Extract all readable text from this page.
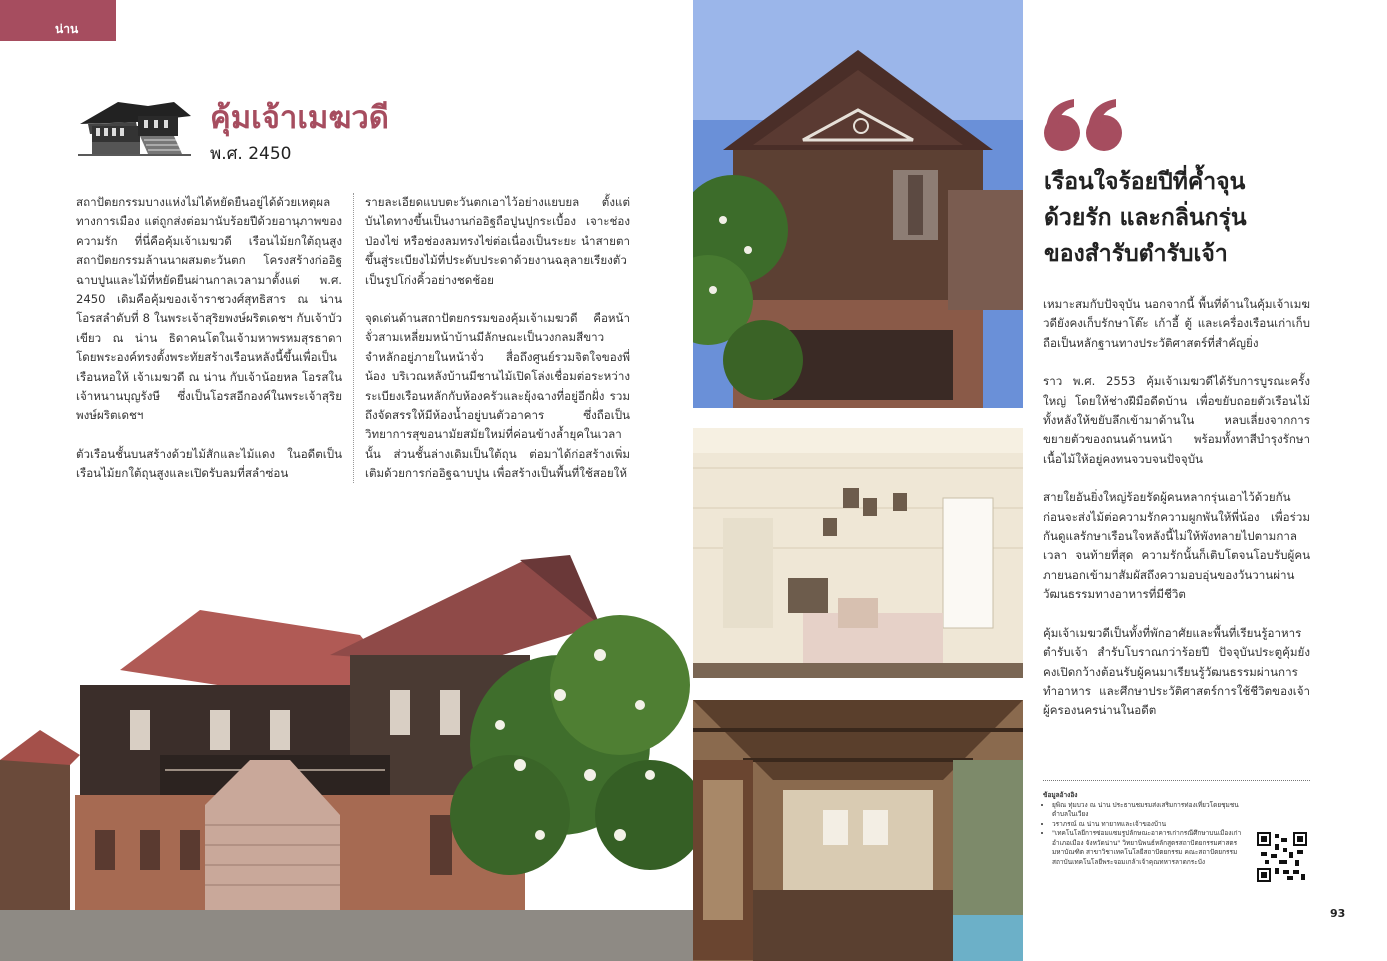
น่าน
คุ้มเจ้าเมฆวดี
พ.ศ. 2450

สถาปัตยกรรมบางแห่งไม่ได้หยัดยืนอยู่ได้ด้วยเหตุผลทางการเมือง แต่ถูกส่งต่อมานับร้อยปีด้วยอานุภาพของความรัก ที่นี่คือคุ้มเจ้าเมฆวดี เรือนไม้ยกใต้ถุนสูงสถาปัตยกรรมล้านนาผสมตะวันตก โครงสร้างก่ออิฐฉาบปูนและไม้ที่หยัดยืนผ่านกาลเวลามาตั้งแต่ พ.ศ. 2450 เดิมคือคุ้มของเจ้าราชวงศ์สุทธิสาร ณ น่าน โอรสลำดับที่ 8 ในพระเจ้าสุริยพงษ์ผริตเดชฯ กับเจ้าบัวเขียว ณ น่าน ธิดาคนโตในเจ้ามหาพรหมสุรธาดา โดยพระองค์ทรงตั้งพระทัยสร้างเรือนหลังนี้ขึ้นเพื่อเป็นเรือนหอให้ เจ้าเมฆวดี ณ น่าน กับเจ้าน้อยหล โอรสในเจ้าหนานบุญรังษี ซึ่งเป็นโอรสอีกองค์ในพระเจ้าสุริยพงษ์ผริตเดชฯ

ตัวเรือนชั้นบนสร้างด้วยไม้สักและไม้แดง ในอดีตเป็นเรือนไม้ยกใต้ถุนสูงและเปิดรับลมที่สลำซ่อน

รายละเอียดแบบตะวันตกเอาไว้อย่างแยบยล ตั้งแต่บันไดทางขึ้นเป็นงานก่ออิฐถือปูนปูกระเบื้อง เจาะช่องป่องไข่ หรือช่องลมทรงไข่ต่อเนื่องเป็นระยะ นำสายตาขึ้นสู่ระเบียงไม้ที่ประดับประดาด้วยงานฉลุลายเรียงตัวเป็นรูปโก่งคิ้วอย่างชดช้อย

จุดเด่นด้านสถาปัตยกรรมของคุ้มเจ้าเมฆวดี คือหน้าจั่วสามเหลี่ยมหน้าบ้านมีลักษณะเป็นวงกลมสีขาวจำหลักอยู่ภายในหน้าจั่ว สื่อถึงศูนย์รวมจิตใจของพี่น้อง บริเวณหลังบ้านมีชานไม้เปิดโล่งเชื่อมต่อระหว่างระเบียงเรือนหลักกับห้องครัวและยุ้งฉางที่อยู่อีกฝั่ง รวมถึงจัดสรรให้มีห้องน้ำอยู่บนตัวอาคาร ซึ่งถือเป็นวิทยาการสุขอนามัยสมัยใหม่ที่ค่อนข้างล้ำยุคในเวลานั้น ส่วนชั้นล่างเดิมเป็นใต้ถุน ต่อมาได้ก่อสร้างเพิ่มเติมด้วยการก่ออิฐฉาบปูน เพื่อสร้างเป็นพื้นที่ใช้สอยให้

เรือนใจร้อยปีที่ค้ำจุน
ด้วยรัก และกลิ่นกรุ่น
ของสำรับตำรับเจ้า

เหมาะสมกับปัจจุบัน นอกจากนี้ พื้นที่ด้านในคุ้มเจ้าเมฆวดียังคงเก็บรักษาโต๊ะ เก้าอี้ ตู้ และเครื่องเรือนเก่าเก็บ ถือเป็นหลักฐานทางประวัติศาสตร์ที่สำคัญยิ่ง

ราว พ.ศ. 2553 คุ้มเจ้าเมฆวดีได้รับการบูรณะครั้งใหญ่ โดยให้ช่างฝีมือดีดบ้าน เพื่อขยับถอยตัวเรือนไม้ทั้งหลังให้ขยับลึกเข้ามาด้านใน หลบเลี่ยงจากการขยายตัวของถนนด้านหน้า พร้อมทั้งทาสีบำรุงรักษาเนื้อไม้ให้อยู่คงทนจวบจนปัจจุบัน

สายใยอันยิ่งใหญ่ร้อยรัดผู้คนหลากรุ่นเอาไว้ด้วยกัน ก่อนจะส่งไม้ต่อความรักความผูกพันให้พี่น้อง เพื่อร่วมกันดูแลรักษาเรือนใจหลังนี้ไม่ให้พังทลายไปตามกาลเวลา จนท้ายที่สุด ความรักนั้นก็เติบโตจนโอบรับผู้คนภายนอกเข้ามาสัมผัสถึงความอบอุ่นของวันวานผ่านวัฒนธรรมทางอาหารที่มีชีวิต

คุ้มเจ้าเมฆวดีเป็นทั้งที่พักอาศัยและพื้นที่เรียนรู้อาหารตำรับเจ้า สำรับโบราณกว่าร้อยปี ปัจจุบันประตูคุ้มยังคงเปิดกว้างต้อนรับผู้คนมาเรียนรู้วัฒนธรรมผ่านการทำอาหาร และศึกษาประวัติศาสตร์การใช้ชีวิตของเจ้าผู้ครองนครน่านในอดีต

ข้อมูลอ้างอิง
• ยุพิณ ทุ่มบวง ณ น่าน ประธานชมรมส่งเสริมการท่องเที่ยวโดยชุมชนตำบลในเวียง
• วราภรณ์ ณ น่าน ทายาทและเจ้าของบ้าน
• "เทคโนโลยีการซ่อมแซมรูปลักษณะอาคารเก่ากรณีศึกษาบนเมืองเก่า อำเภอเมือง จังหวัดน่าน" วิทยานิพนธ์หลักสูตรสถาปัตยกรรมศาสตรมหาบัณฑิต สาขาวิชาเทคโนโลยีสถาปัตยกรรม คณะสถาปัตยกรรม สถาบันเทคโนโลยีพระจอมเกล้าเจ้าคุณทหารลาดกระบัง
93
